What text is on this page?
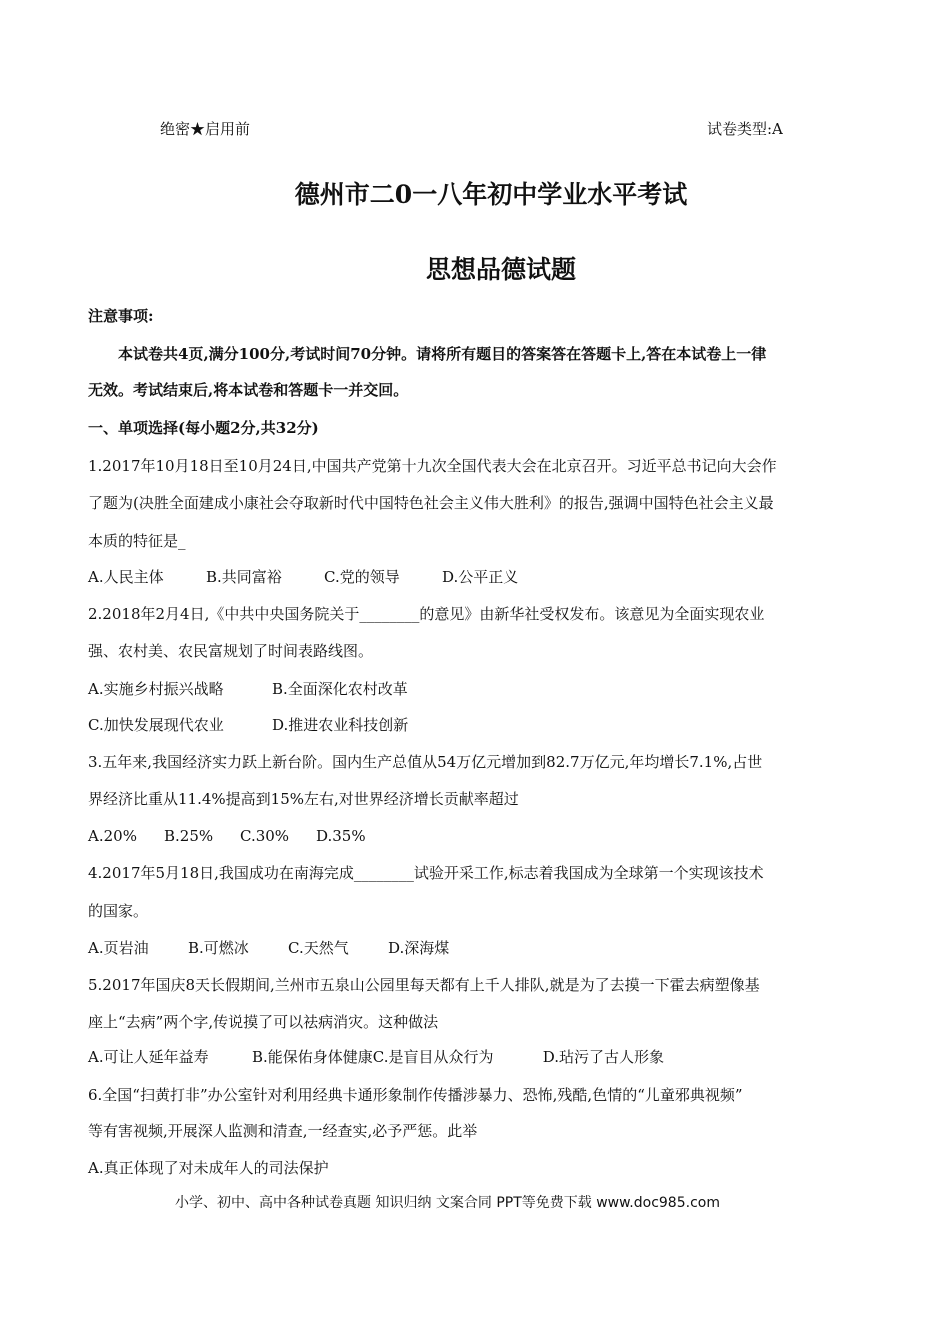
绝密★启用前	试卷类型:A
德州市二0一八年初中学业水平考试
思想品德试题
注意事项:
本试卷共4页,满分100分,考试时间70分钟。请将所有题目的答案答在答题卡上,答在本试卷上一律
无效。考试结束后,将本试卷和答题卡一并交回。
一、单项选择(每小题2分,共32分)
1.2017年10月18日至10月24日,中国共产党第十九次全国代表大会在北京召开。习近平总书记向大会作
了题为(决胜全面建成小康社会夺取新时代中国特色社会主义伟大胜利》的报告,强调中国特色社会主义最
本质的特征是_
A.人民主体	B.共同富裕	C.党的领导	D.公平正义
2.2018年2月4日,《中共中央国务院关于________的意见》由新华社受权发布。该意见为全面实现农业
强、农村美、农民富规划了时间表路线图。
A.实施乡村振兴战略	B.全面深化农村改革
C.加快发展现代农业	D.推进农业科技创新
3.五年来,我国经济实力跃上新台阶。国内生产总值从54万亿元增加到82.7万亿元,年均增长7.1%,占世
界经济比重从11.4%提高到15%左右,对世界经济增长贡献率超过
A.20% B.25% C.30% D.35%
4.2017年5月18日,我国成功在南海完成________试验开采工作,标志着我国成为全球第一个实现该技术
的国家。
A.页岩油	B.可燃冰	C.天然气	D.深海煤
5.2017年国庆8天长假期间,兰州市五泉山公园里每天都有上千人排队,就是为了去摸一下霍去病塑像基
座上“去病”两个字,传说摸了可以祛病消灾。这种做法
A.可让人延年益寿	B.能保佑身体健康C.是盲目从众行为	D.玷污了古人形象
6.全国“扫黄打非”办公室针对利用经典卡通形象制作传播涉暴力、恐怖,残酷,色情的“儿童邪典视频”
等有害视频,开展深人监测和清查,一经查实,必予严惩。此举
A.真正体现了对未成年人的司法保护
小学、初中、高中各种试卷真题 知识归纳 文案合同 PPT等免费下载 www.doc985.com
